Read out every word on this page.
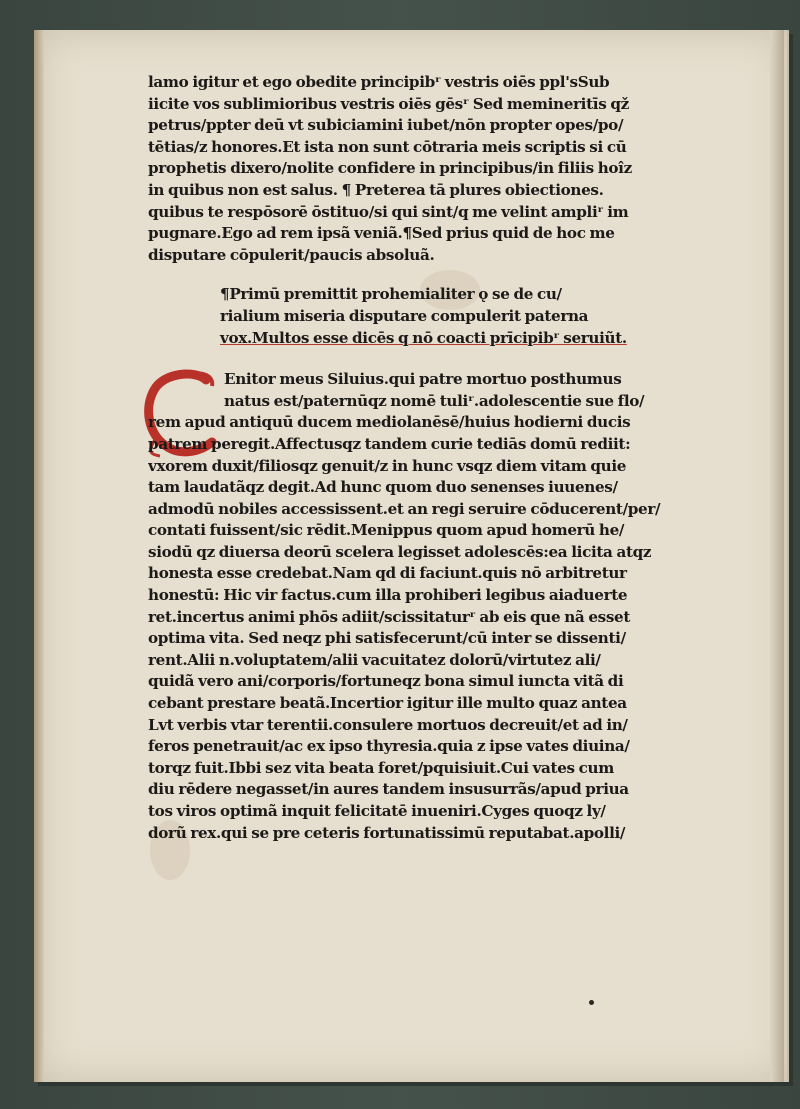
lamo igitur et ego obedite principibʳ vestris oiēs ppl'sSub
iicite vos sublimioribus vestris oiēs gēsʳ Sed memineritīs qž
petrus/ppter deū vt subiciamini iubet/nōn propter opes/po/
tētias/z honores.Et ista non sunt cōtraria meis scriptis si cū
prophetis dixero/nolite confidere in principibus/in filiis hoîz
in quibus non est salus. ¶ Preterea tā plures obiectiones.
quibus te respōsorē ōstituo/si qui sint/q me velint ampliʳ im
pugnare.Ego ad rem ipsã veniã.¶Sed prius quid de hoc me
disputare cōpulerit/paucis absoluã.
¶Primū premittit prohemialiter ǫ se de cu/
rialium miseria disputare compulerit paterna
vox.Multos esse dicēs q nō coacti prīcipibʳ seruiũt.
Enitor meus Siluius.qui patre mortuo posthumus
natus est/paternūqz nomē tuliʳ.adolescentie sue flo/
rem apud antiquū ducem mediolanēsē/huius hodierni ducis
patrem peregit.Affectusqz tandem curie tediās domū rediit:
vxorem duxit/filiosqz genuit/z in hunc vsqz diem vitam quie
tam laudatãqz degit.Ad hunc quom duo senenses iuuenes/
admodū nobiles accessissent.et an regi seruire cōducerent/per/
contati fuissent/sic rēdit.Menippus quom apud homerū he/
siodū qz diuersa deorū scelera legisset adolescēs:ea licita atqz
honesta esse credebat.Nam qd di faciunt.quis nō arbitretur
honestū: Hic vir factus.cum illa prohiberi legibus aiaduerte
ret.incertus animi phōs adiit/scissitaturʳ ab eis que nã esset
optima vita. Sed neqz phi satisfecerunt/cū inter se dissenti/
rent.Alii n.voluptatem/alii vacuitatez dolorū/virtutez ali/
quidã vero ani/corporis/fortuneqz bona simul iuncta vitã di
cebant prestare beatã.Incertior igitur ille multo quaz antea
Lvt verbis vtar terentii.consulere mortuos decreuit/et ad in/
feros penetrauit/ac ex ipso thyresia.quia z ipse vates diuina/
torqz fuit.Ibbi sez vita beata foret/pquisiuit.Cui vates cum
diu rēdere negasset/in aures tandem insusurrãs/apud priua
tos viros optimã inquit felicitatē inueniri.Cyges quoqz ly/
dorũ rex.qui se pre ceteris fortunatissimū reputabat.apolli/
